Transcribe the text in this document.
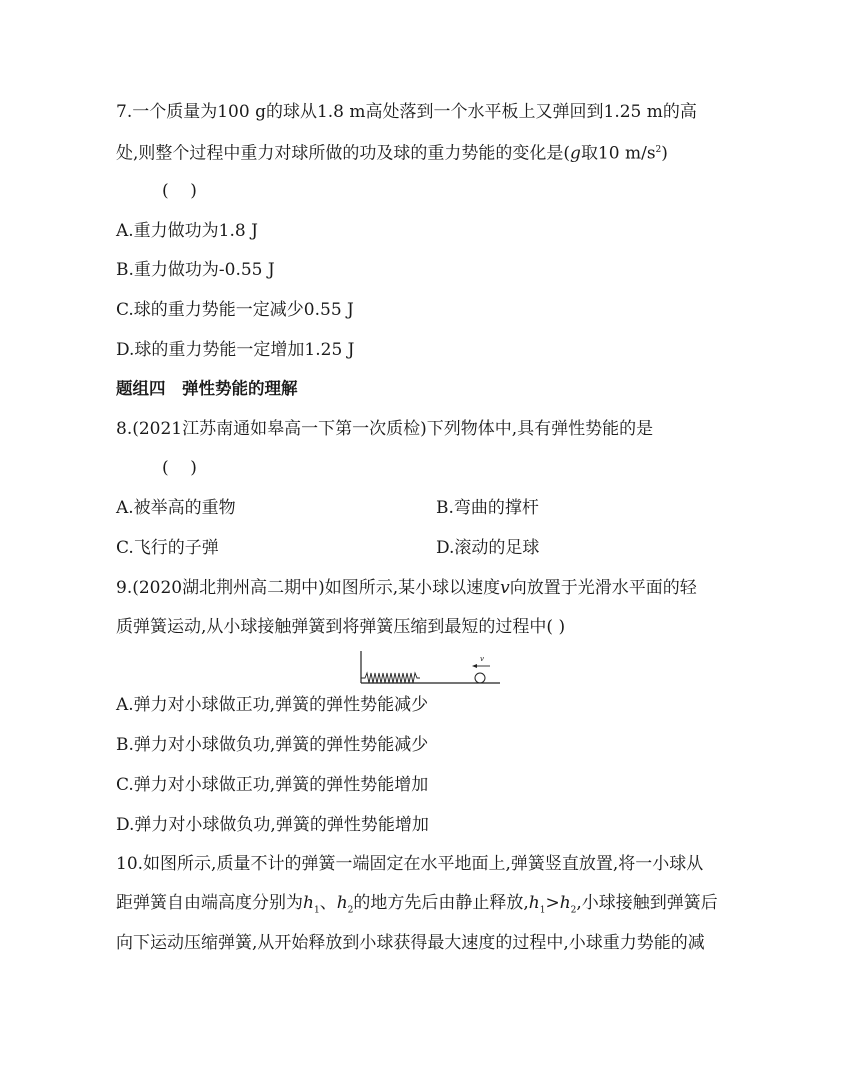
7.一个质量为100 g的球从1.8 m高处落到一个水平板上又弹回到1.25 m的高
处,则整个过程中重力对球所做的功及球的重力势能的变化是(g取10 $m/s^2$)
(    )
A.重力做功为1.8 J
B.重力做功为-0.55 J
C.球的重力势能一定减少0.55 J
D.球的重力势能一定增加1.25 J
题组四　弹性势能的理解
8.(2021江苏南通如皋高一下第一次质检)下列物体中,具有弹性势能的是
(    )
A.被举高的重物	B.弯曲的撑杆
C.飞行的子弹	D.滚动的足球
9.(2020湖北荆州高二期中)如图所示,某小球以速度v向放置于光滑水平面的轻
质弹簧运动,从小球接触弹簧到将弹簧压缩到最短的过程中( )
v
A.弹力对小球做正功,弹簧的弹性势能减少
B.弹力对小球做负功,弹簧的弹性势能减少
C.弹力对小球做正功,弹簧的弹性势能增加
D.弹力对小球做负功,弹簧的弹性势能增加
10.如图所示,质量不计的弹簧一端固定在水平地面上,弹簧竖直放置,将一小球从
距弹簧自由端高度分别为$h_1$、$h_2$的地方先后由静止释放$,h_1>h_2$,小球接触到弹簧后
向下运动压缩弹簧,从开始释放到小球获得最大速度的过程中,小球重力势能的减
